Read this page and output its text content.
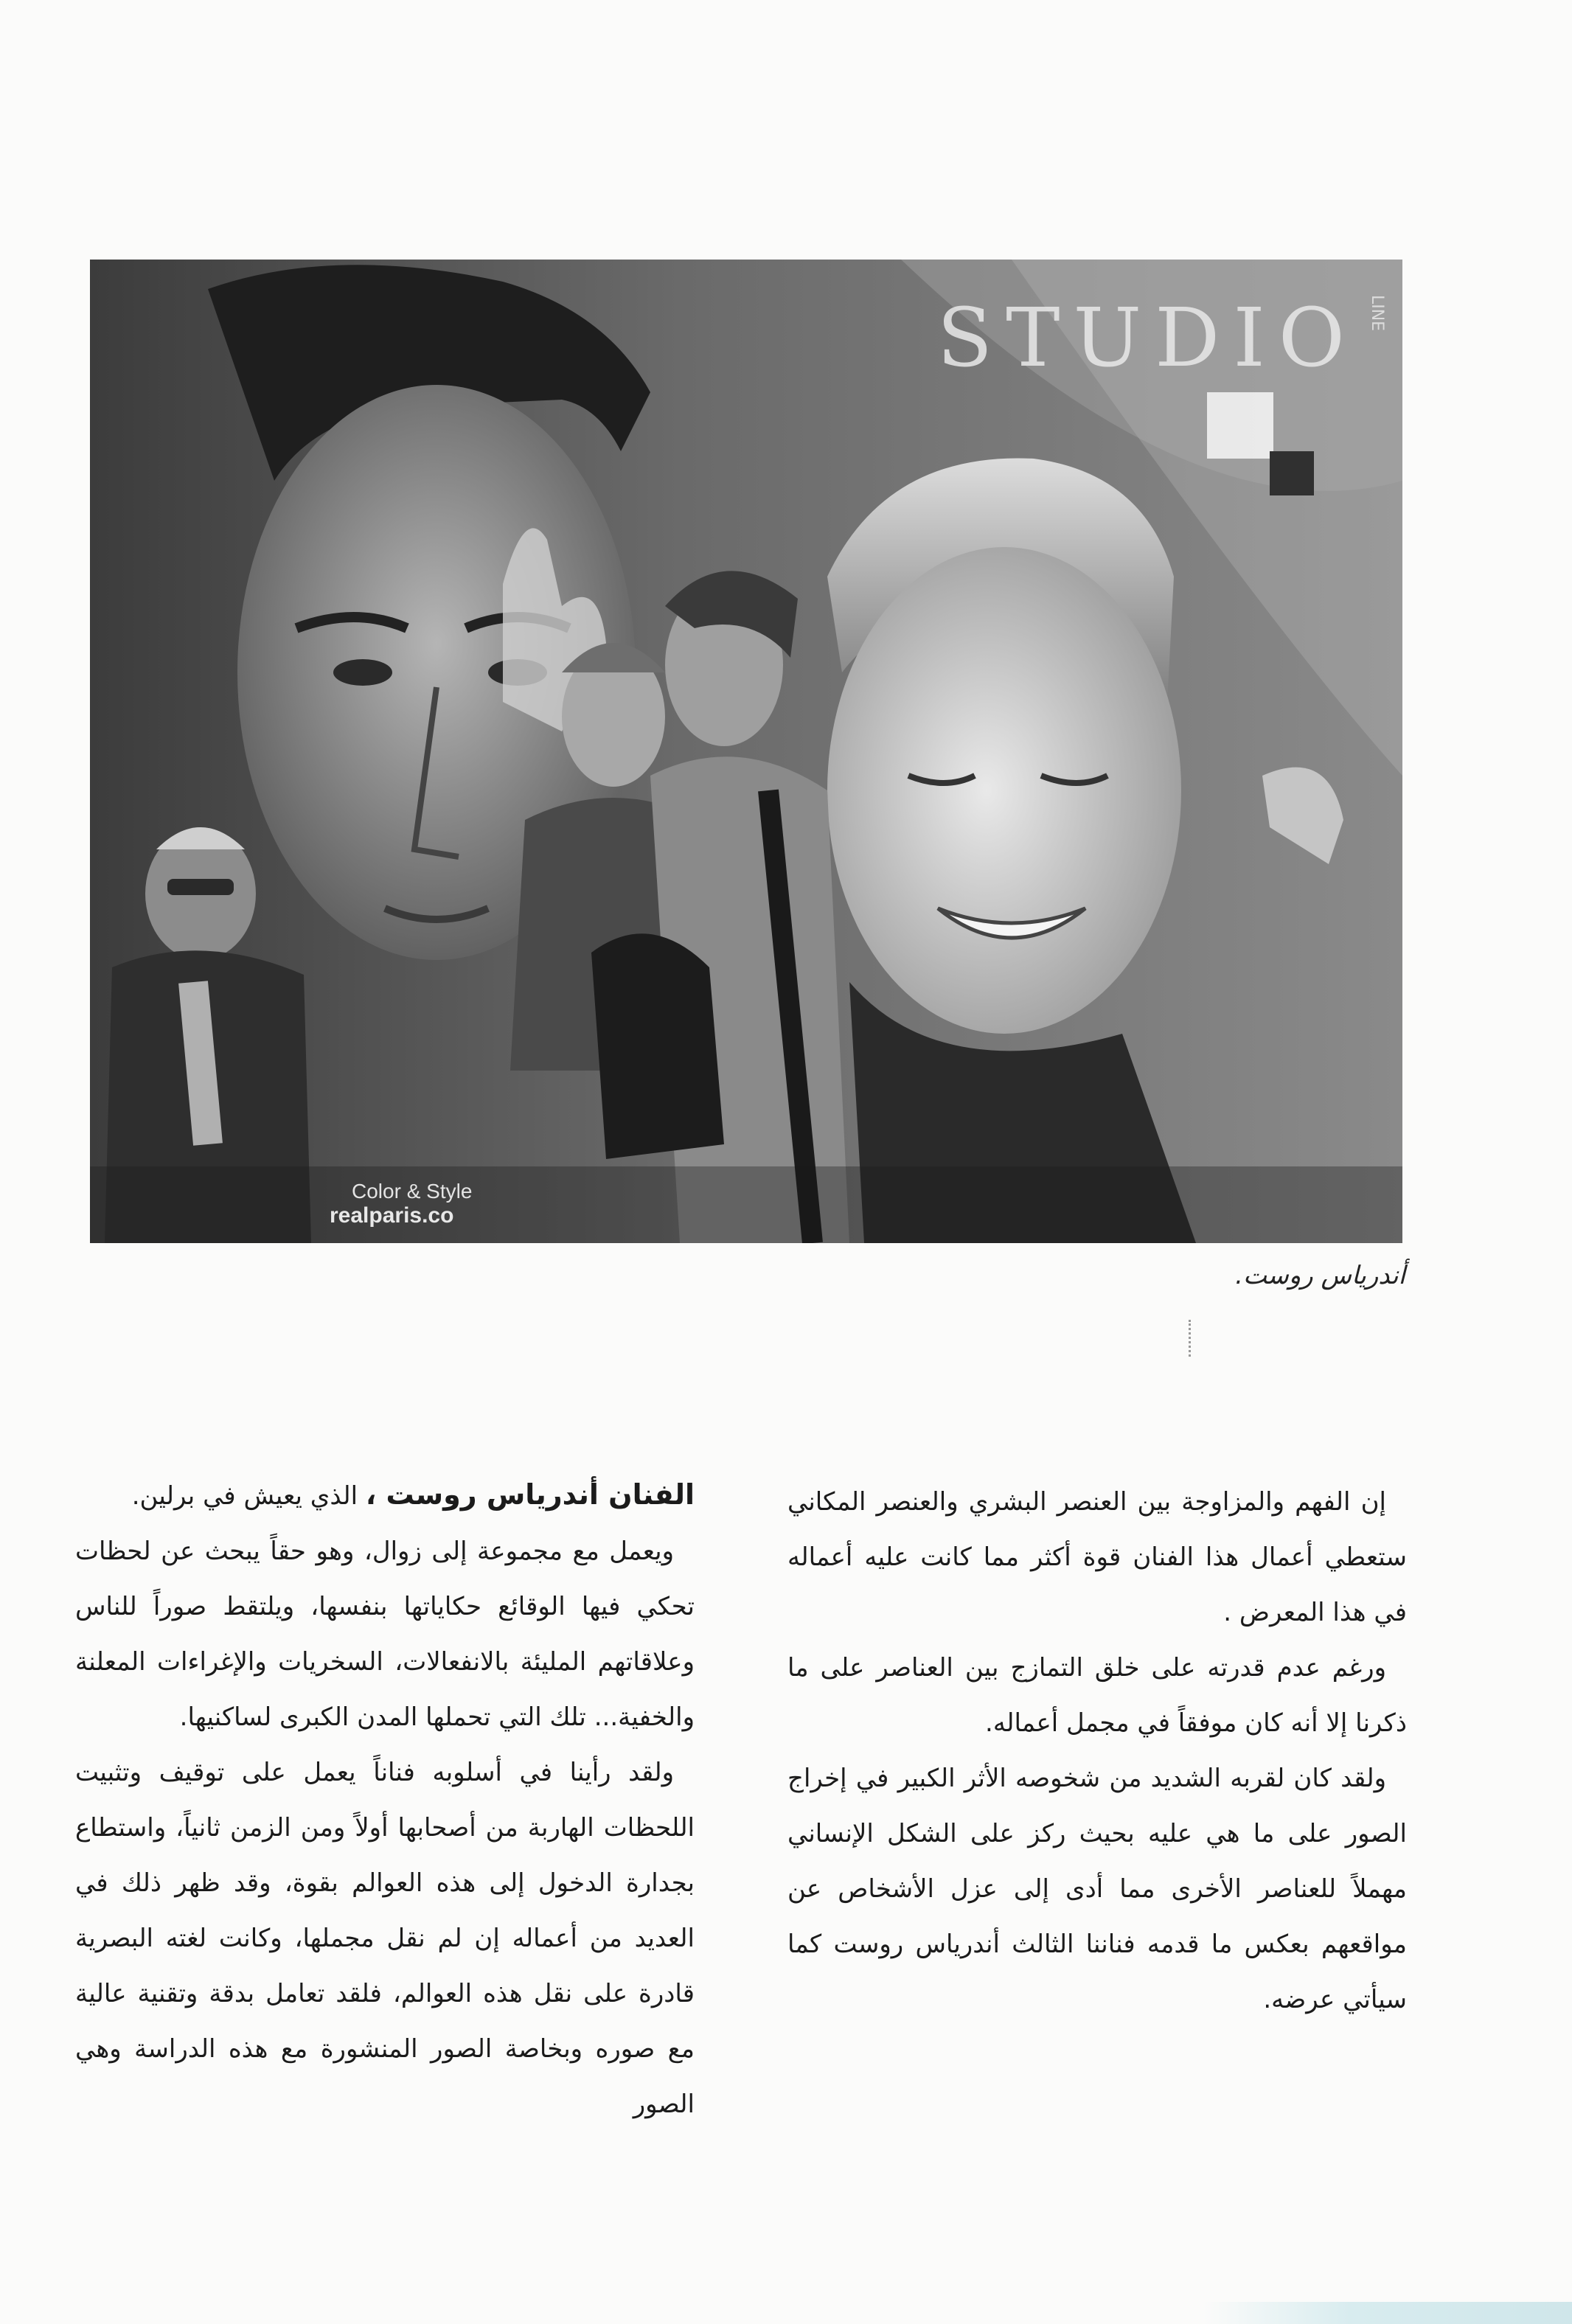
STUDIO LINE
Color & Style
realparis.co
أندرياس روست.

إن الفهم والمزاوجة بين العنصر البشري والعنصر المكاني ستعطي أعمال هذا الفنان قوة أكثر مما كانت عليه أعماله في هذا المعرض .

ورغم عدم قدرته على خلق التمازج بين العناصر على ما ذكرنا إلا أنه كان موفقاً في مجمل أعماله.

ولقد كان لقربه الشديد من شخوصه الأثر الكبير في إخراج الصور على ما هي عليه بحيث ركز على الشكل الإنساني مهملاً للعناصر الأخرى مما أدى إلى عزل الأشخاص عن مواقعهم بعكس ما قدمه فناننا الثالث أندرياس روست كما سيأتي عرضه.

الفنان أندرياس روست ، الذي يعيش في برلين.

ويعمل مع مجموعة إلى زوال، وهو حقاً يبحث عن لحظات تحكي فيها الوقائع حكاياتها بنفسها، ويلتقط صوراً للناس وعلاقاتهم المليئة بالانفعالات، السخريات والإغراءات المعلنة والخفية... تلك التي تحملها المدن الكبرى لساكنيها.

ولقد رأينا في أسلوبه فناناً يعمل على توقيف وتثبيت اللحظات الهاربة من أصحابها أولاً ومن الزمن ثانياً، واستطاع بجدارة الدخول إلى هذه العوالم بقوة، وقد ظهر ذلك في العديد من أعماله إن لم نقل مجملها، وكانت لغته البصرية قادرة على نقل هذه العوالم، فلقد تعامل بدقة وتقنية عالية مع صوره وبخاصة الصور المنشورة مع هذه الدراسة وهي الصور
